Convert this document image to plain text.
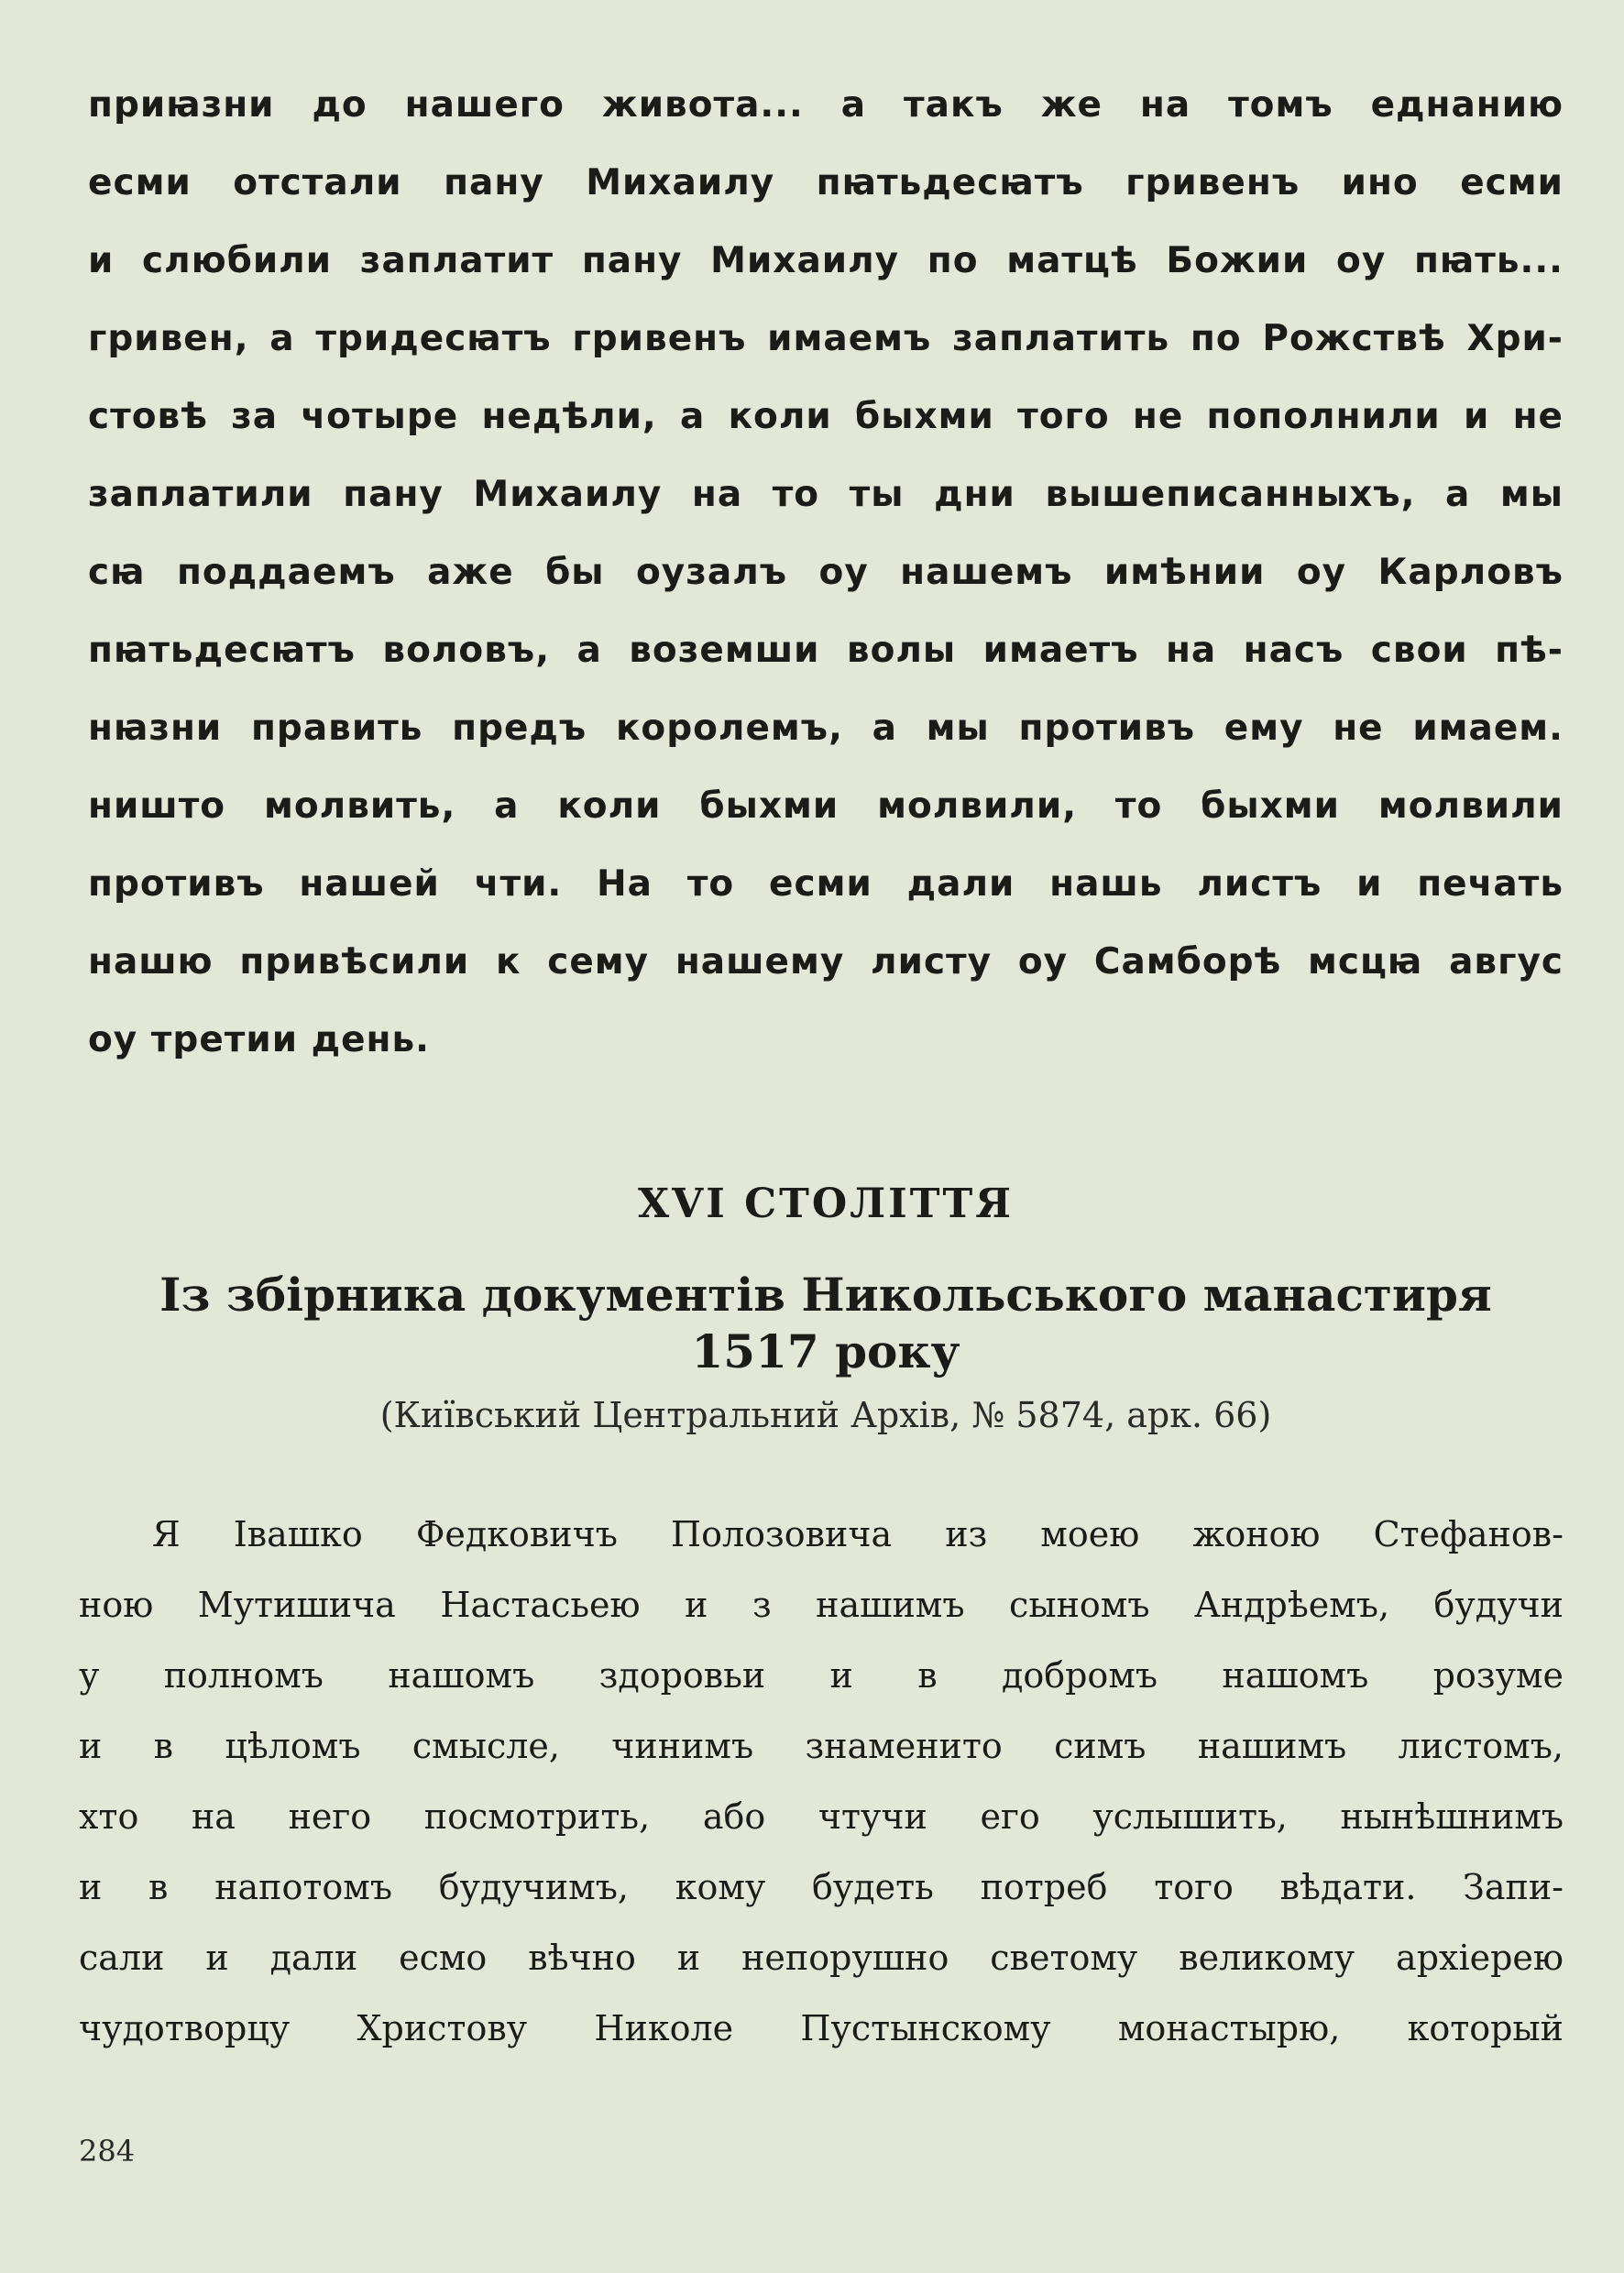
приꙗзни до нашего живота... а такъ же на томъ еднанию
есми отстали пану Михаилу пꙗтьдесꙗтъ гривенъ ино есми
и слюбили заплатит пану Михаилу по матцѣ Божии оу пꙗть...
гривен, а тридесꙗтъ гривенъ имаемъ заплатить по Рожствѣ Хри-
стовѣ за чотыре недѣли, а коли быхми того не пополнили и не
заплатили пану Михаилу на то ты дни вышеписанныхъ, а мы
сꙗ поддаемъ аже бы оузалъ оу нашемъ имѣнии оу Карловъ
пꙗтьдесꙗтъ воловъ, а воземши волы имаетъ на насъ свои пѣ-
нꙗзни править предъ королемъ, а мы противъ ему не имаем.
ништо молвить, а коли быхми молвили, то быхми молвили
противъ нашей чти. На то есми дали нашь листъ и печать
нашю привѣсили к сему нашему листу оу Самборѣ мсцꙗ авгус
оу третии день.
XVI СТОЛІТТЯ
Із збірника документів Никольського манастиря
1517 року
(Київський Центральний Архів, № 5874, арк. 66)
Я Івашко Федковичъ Полозовича из моею жоною Стефанов-
ною Мутишича Настасьею и з нашимъ сыномъ Андрѣемъ, будучи
у полномъ нашомъ здоровьи и в добромъ нашомъ розуме
и в цѣломъ смысле, чинимъ знаменито симъ нашимъ листомъ,
хто на него посмотрить, або чтучи его услышить, нынѣшнимъ
и в напотомъ будучимъ, кому будеть потреб того вѣдати. Запи-
сали и дали есмо вѣчно и непорушно светому великому архіерею
чудотворцу Христову Николе Пустынскому монастырю, который
284
